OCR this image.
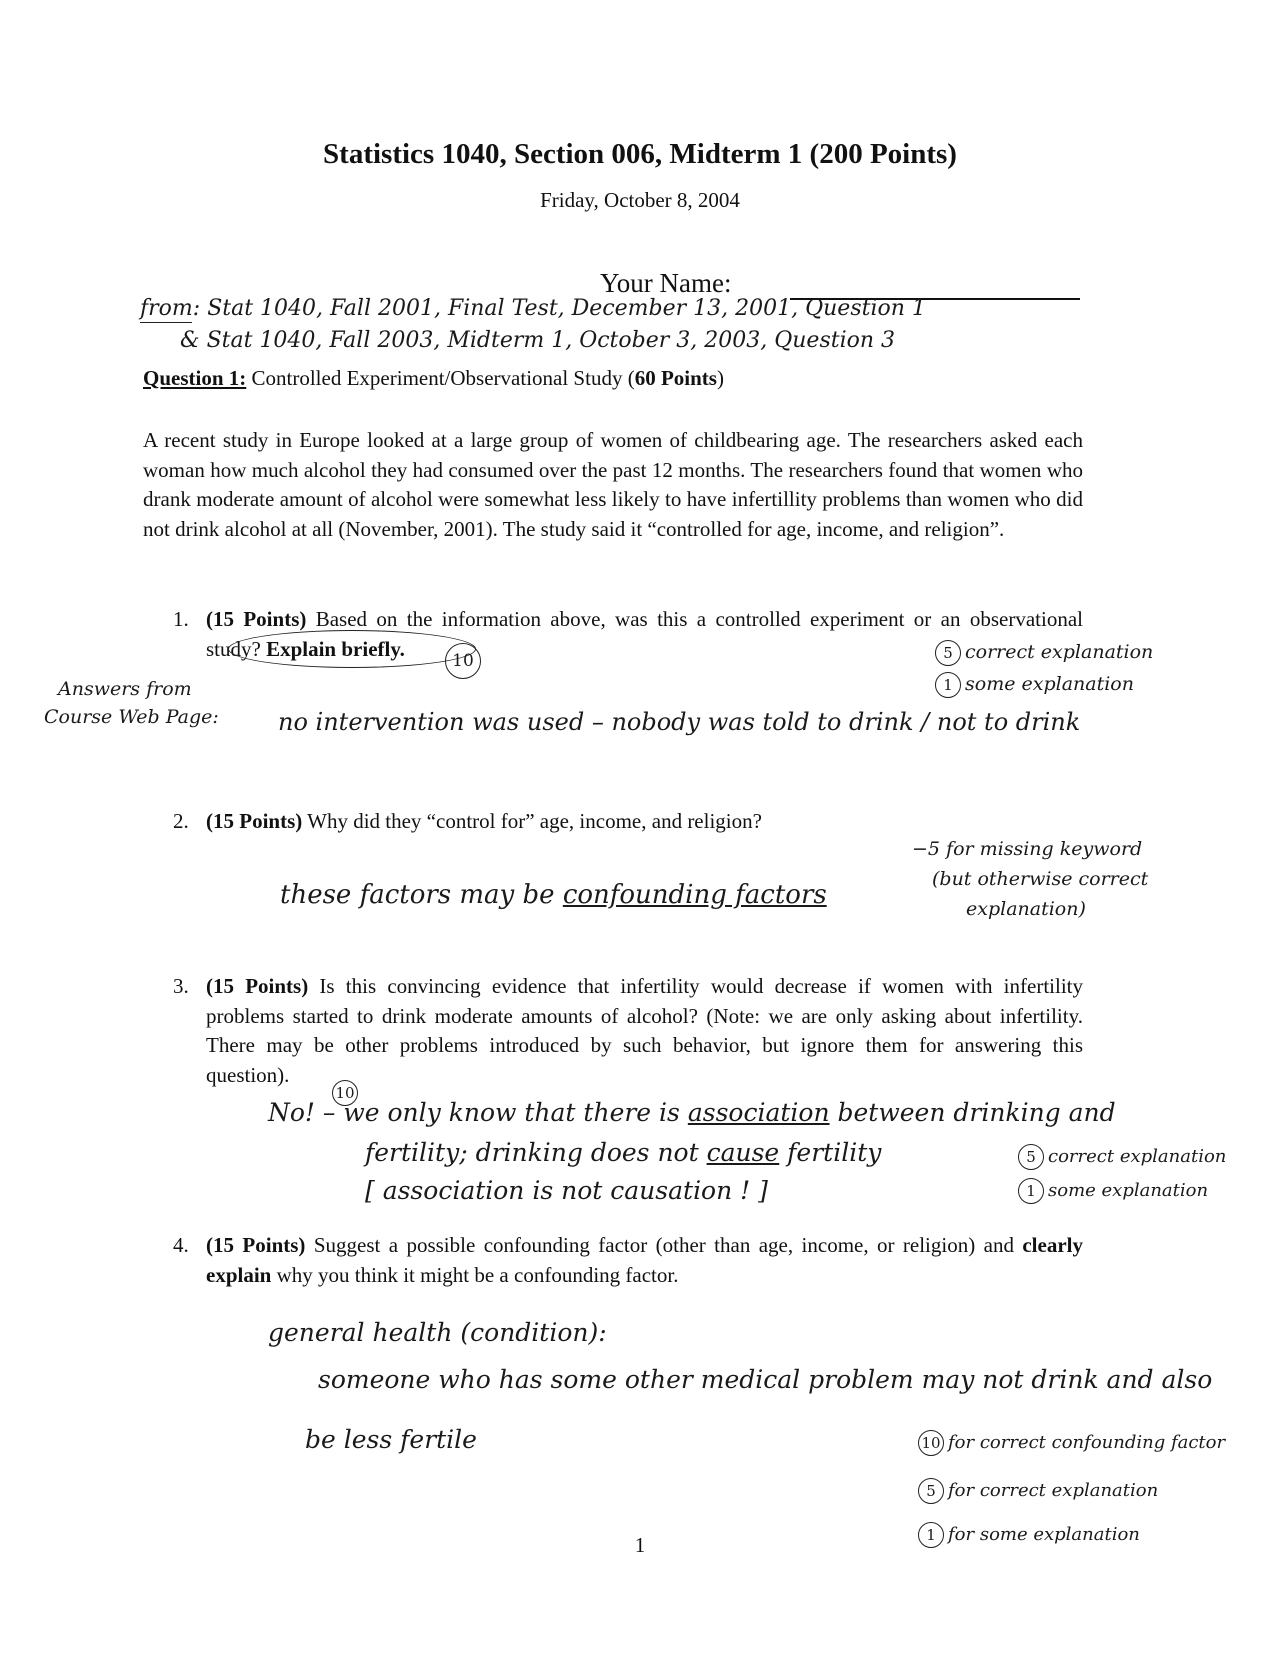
Statistics 1040, Section 006, Midterm 1 (200 Points)
Friday, October 8, 2004
Your Name:
from: Stat 1040, Fall 2001, Final Test, December 13, 2001, Question 1
& Stat 1040, Fall 2003, Midterm 1, October 3, 2003, Question 3
Question 1: Controlled Experiment/Observational Study (60 Points)
A recent study in Europe looked at a large group of women of childbearing age. The researchers asked each woman how much alcohol they had consumed over the past 12 months. The researchers found that women who drank moderate amount of alcohol were somewhat less likely to have infertillity problems than women who did not drink alcohol at all (November, 2001). The study said it “controlled for age, income, and religion”.
1. (15 Points) Based on the information above, was this a controlled experiment or an observational study? Explain briefly.
10	5 correct explanation
1 some explanation
Answers from
Course Web Page: no intervention was used – nobody was told to drink / not to drink
2. (15 Points) Why did they “control for” age, income, and religion?
these factors may be confounding factors
−5 for missing keyword
(but otherwise correct
explanation)
3. (15 Points) Is this convincing evidence that infertility would decrease if women with infertility problems started to drink moderate amounts of alcohol? (Note: we are only asking about infertility. There may be other problems introduced by such behavior, but ignore them for answering this question).
10
No! – we only know that there is association between drinking and
fertility; drinking does not cause fertility
[ association is not causation ! ]
5 correct explanation
1 some explanation
4. (15 Points) Suggest a possible confounding factor (other than age, income, or religion) and clearly explain why you think it might be a confounding factor.
general health (condition):
someone who has some other medical problem may not drink and also
be less fertile	10 for correct confounding factor
5 for correct explanation
1 for some explanation
1
